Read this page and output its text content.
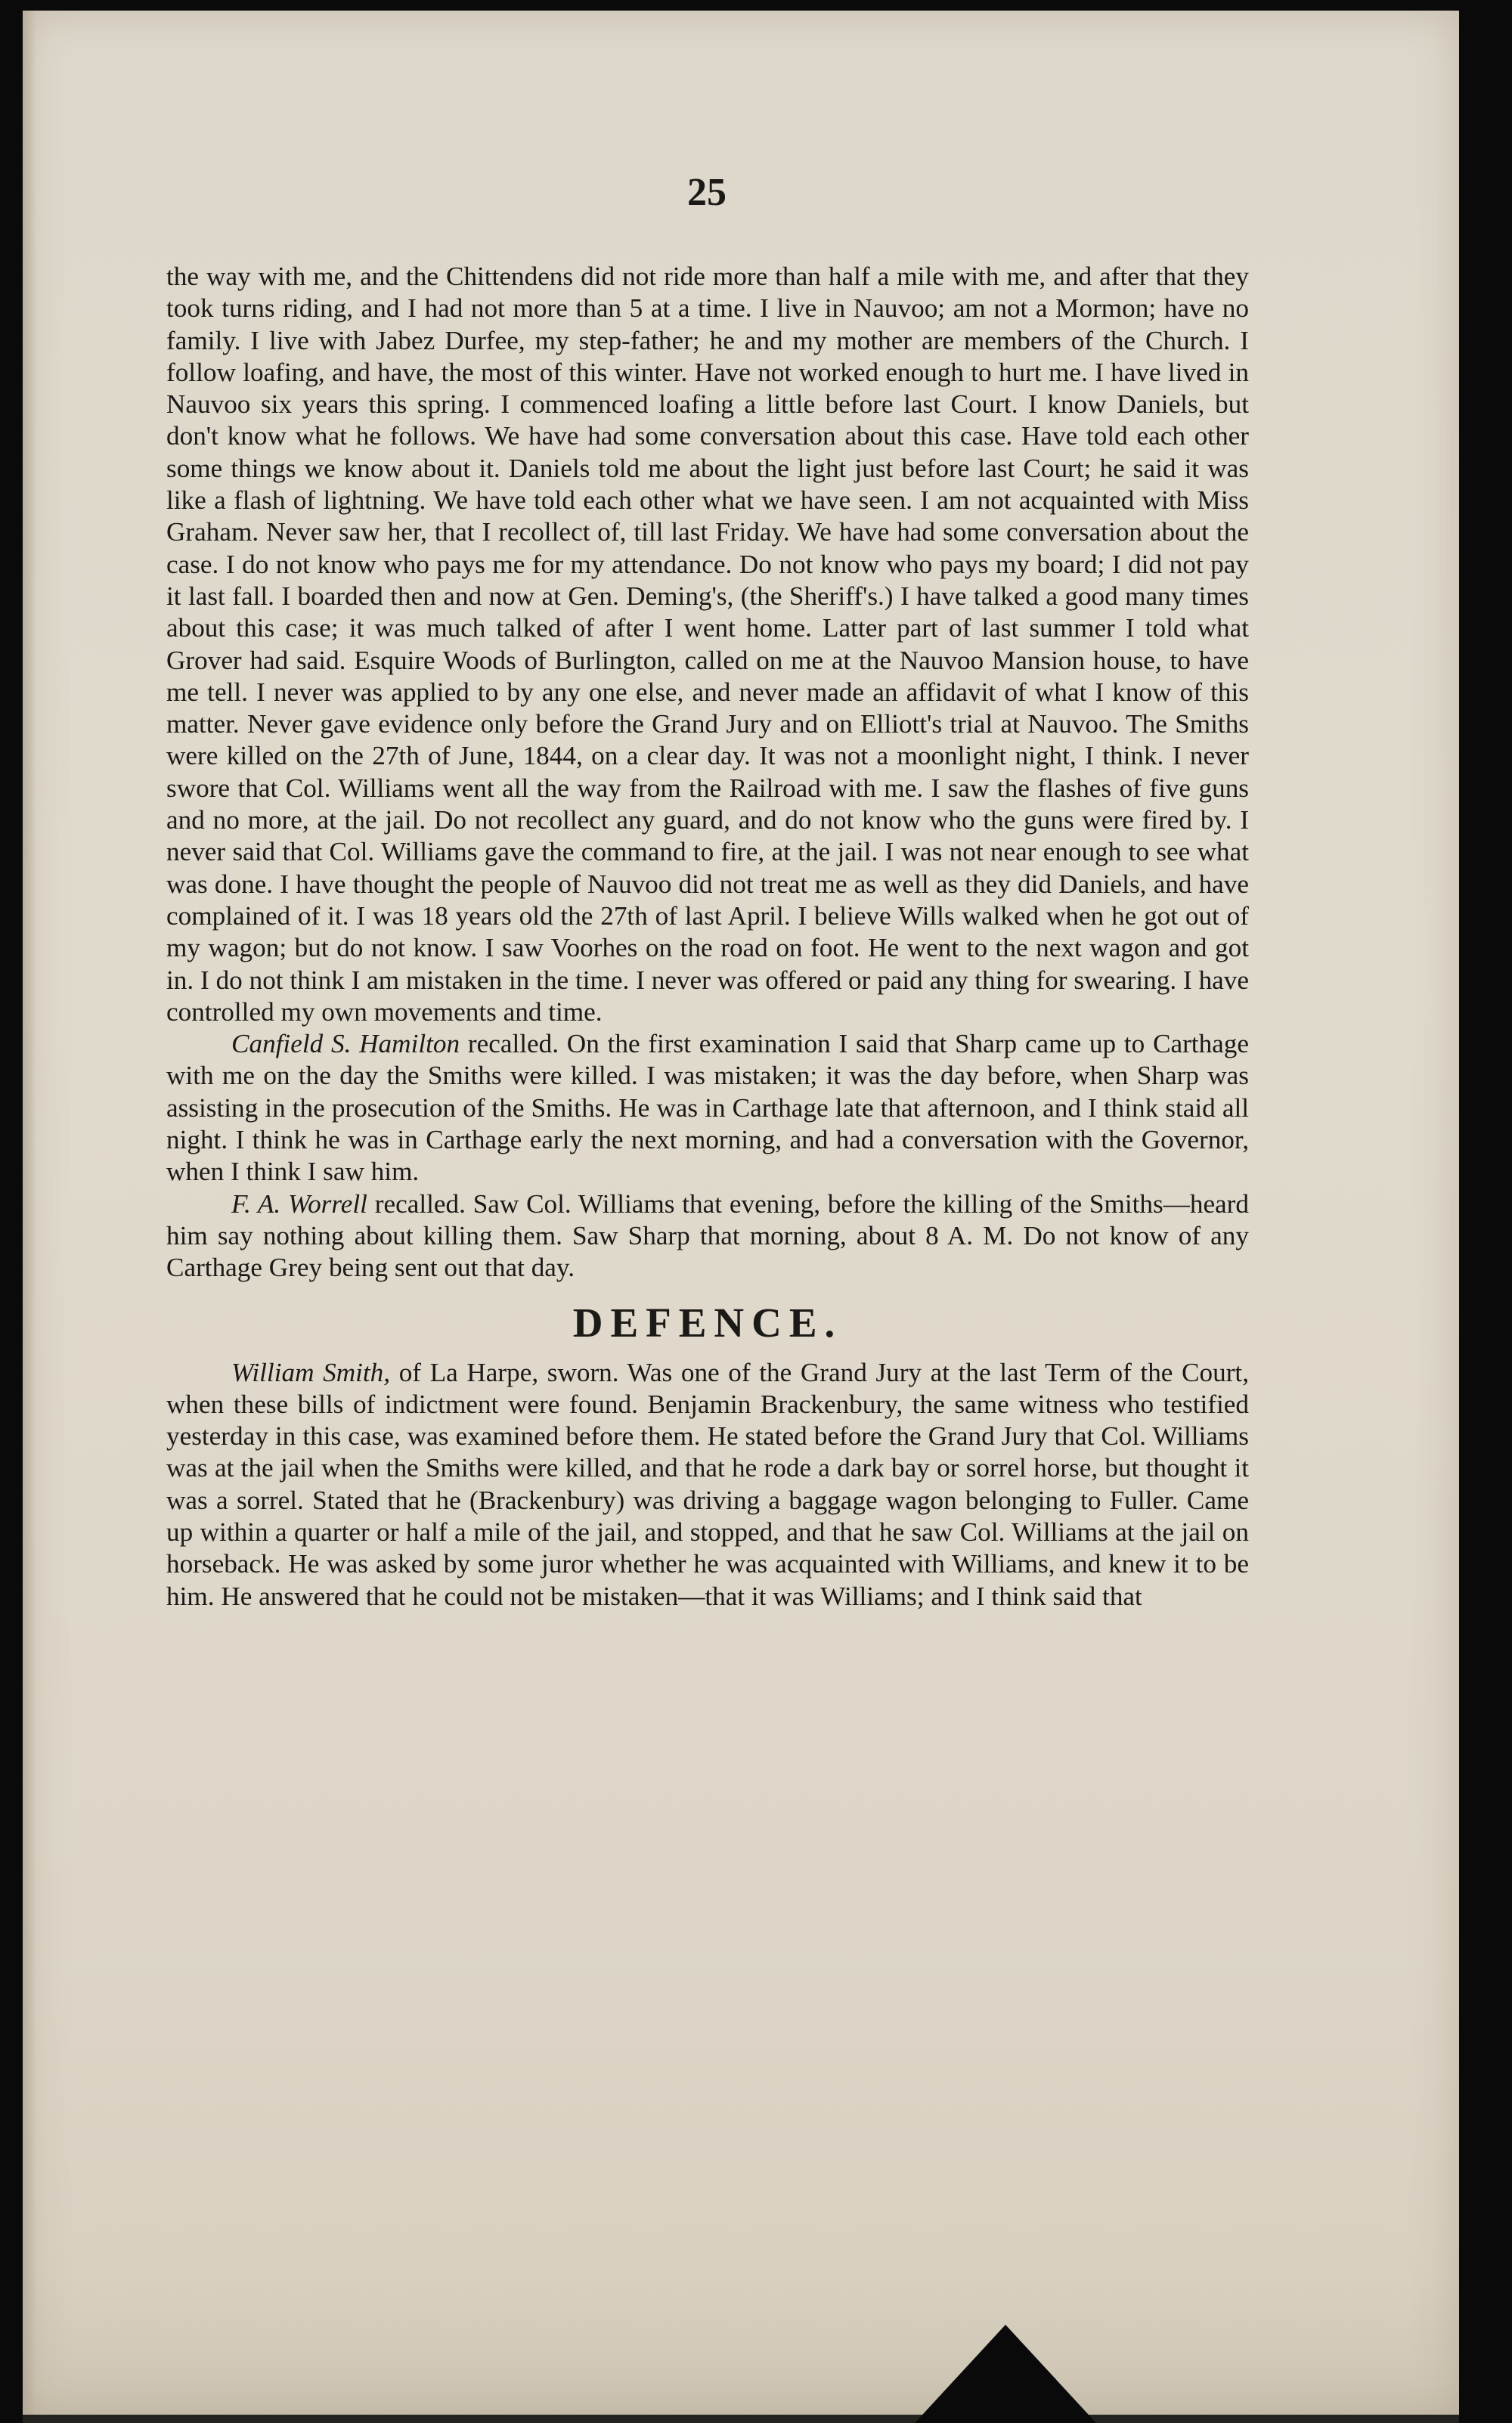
25

the way with me, and the Chittendens did not ride more than half a mile with me, and after that they took turns riding, and I had not more than 5 at a time. I live in Nauvoo; am not a Mormon; have no family. I live with Jabez Durfee, my step-father; he and my mother are members of the Church. I follow loafing, and have, the most of this winter. Have not worked enough to hurt me. I have lived in Nauvoo six years this spring. I commenced loafing a little before last Court. I know Daniels, but don't know what he follows. We have had some conversation about this case. Have told each other some things we know about it. Daniels told me about the light just before last Court; he said it was like a flash of lightning. We have told each other what we have seen. I am not acquainted with Miss Graham. Never saw her, that I recollect of, till last Friday. We have had some conversation about the case. I do not know who pays me for my attendance. Do not know who pays my board; I did not pay it last fall. I boarded then and now at Gen. Deming's, (the Sheriff's.) I have talked a good many times about this case; it was much talked of after I went home. Latter part of last summer I told what Grover had said. Esquire Woods of Burlington, called on me at the Nauvoo Mansion house, to have me tell. I never was applied to by any one else, and never made an affidavit of what I know of this matter. Never gave evidence only before the Grand Jury and on Elliott's trial at Nauvoo. The Smiths were killed on the 27th of June, 1844, on a clear day. It was not a moonlight night, I think. I never swore that Col. Williams went all the way from the Railroad with me. I saw the flashes of five guns and no more, at the jail. Do not recollect any guard, and do not know who the guns were fired by. I never said that Col. Williams gave the command to fire, at the jail. I was not near enough to see what was done. I have thought the people of Nauvoo did not treat me as well as they did Daniels, and have complained of it. I was 18 years old the 27th of last April. I believe Wills walked when he got out of my wagon; but do not know. I saw Voorhes on the road on foot. He went to the next wagon and got in. I do not think I am mistaken in the time. I never was offered or paid any thing for swearing. I have controlled my own movements and time.

Canfield S. Hamilton recalled. On the first examination I said that Sharp came up to Carthage with me on the day the Smiths were killed. I was mistaken; it was the day before, when Sharp was assisting in the prosecution of the Smiths. He was in Carthage late that afternoon, and I think staid all night. I think he was in Carthage early the next morning, and had a conversation with the Governor, when I think I saw him.

F. A. Worrell recalled. Saw Col. Williams that evening, before the killing of the Smiths—heard him say nothing about killing them. Saw Sharp that morning, about 8 A. M. Do not know of any Carthage Grey being sent out that day.

DEFENCE.

William Smith, of La Harpe, sworn. Was one of the Grand Jury at the last Term of the Court, when these bills of indictment were found. Benjamin Brackenbury, the same witness who testified yesterday in this case, was examined before them. He stated before the Grand Jury that Col. Williams was at the jail when the Smiths were killed, and that he rode a dark bay or sorrel horse, but thought it was a sorrel. Stated that he (Brackenbury) was driving a baggage wagon belonging to Fuller. Came up within a quarter or half a mile of the jail, and stopped, and that he saw Col. Williams at the jail on horseback. He was asked by some juror whether he was acquainted with Williams, and knew it to be him. He answered that he could not be mistaken—that it was Williams; and I think said that
